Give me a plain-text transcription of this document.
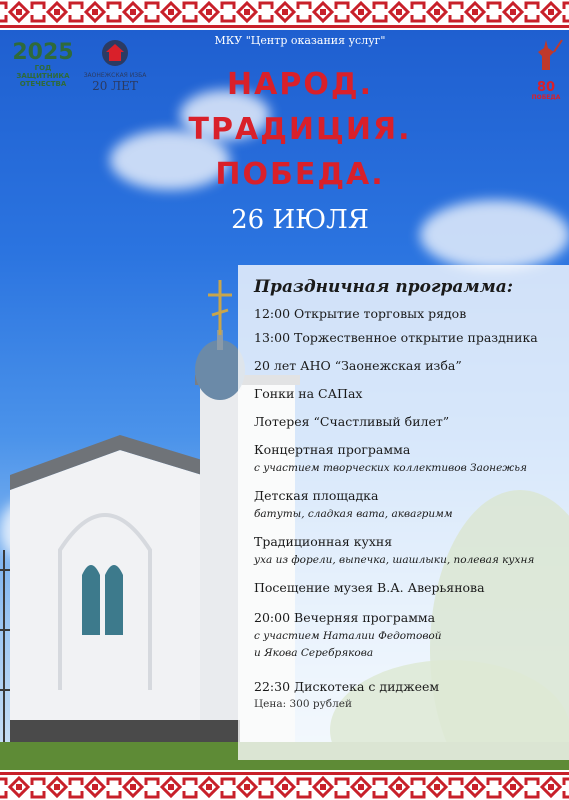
2025
ГОД ЗАЩИТНИКА
ОТЕЧЕСТВА
ЗАОНЕЖСКАЯ ИЗБА
20 ЛЕТ	80
ПОБЕДА
МКУ "Центр оказания услуг"
НАРОД.
ТРАДИЦИЯ.
ПОБЕДА.
26 ИЮЛЯ
Праздничная программа:
12:00 Открытие торговых рядов
13:00 Торжественное открытие праздника
20 лет АНО “Заонежская изба”
Гонки на САПах
Лотерея “Счастливый билет”
Концертная программа
с участием творческих коллективов Заонежья
Детская площадка
батуты, сладкая вата, аквагримм
Традиционная кухня
уха из форели, выпечка, шашлыки, полевая кухня
Посещение музея В.А. Аверьянова
20:00 Вечерняя программа
с участием Наталии Федотовой
и Якова Серебрякова
22:30 Дискотека с диджеем
Цена: 300 рублей
